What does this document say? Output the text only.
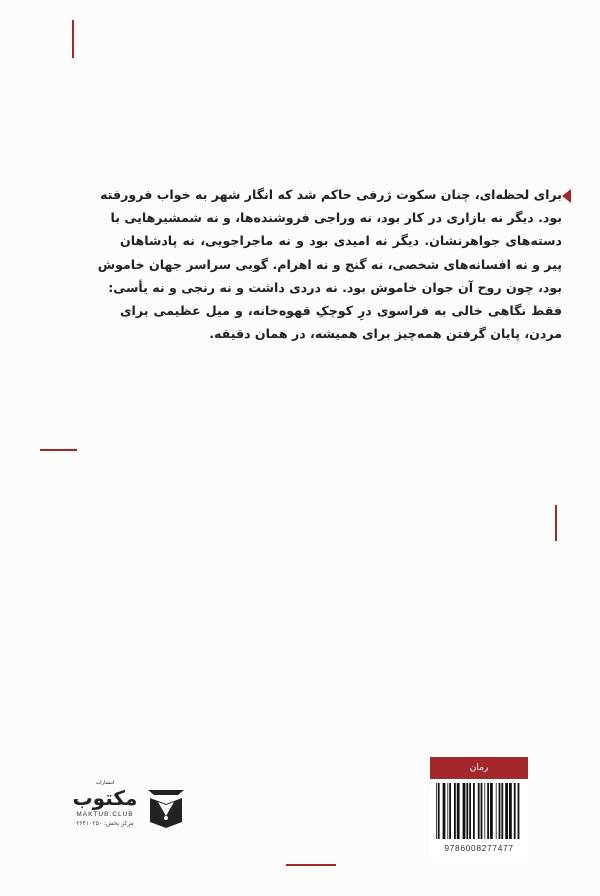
برای لحظه‌ای، چنان سکوت ژرفی حاکم شد که انگار شهر به خواب فرورفته
بود. دیگر نه بازاری در کار بود، نه وراجی فروشنده‌ها، و نه شمشیرهایی با
دسته‌های جواهرنشان. دیگر نه امیدی بود و نه ماجراجویی، نه پادشاهان
پیر و نه افسانه‌های شخصی، نه گنج و نه اهرام. گویی سراسر جهان خاموش
بود، چون روح آن جوان خاموش بود. نه دردی داشت و نه رنجی و نه یأسی:
فقط نگاهی خالی به فراسوی درِ کوچکِ قهوه‌خانه، و میل عظیمی برای
مردن، پایان گرفتن همه‌چیز برای همیشه، در همان دقیقه.
رمان
9786008277477
انتشارات
مکتوب
MAKTUB.CLUB
مرکز پخش: ۲۶۴۱۰۲۵۰
